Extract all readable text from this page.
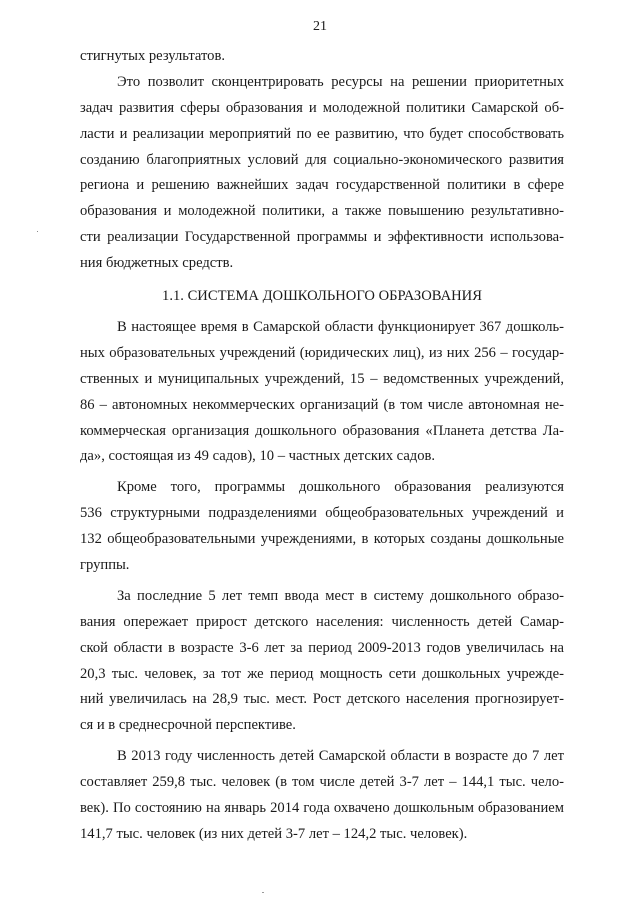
21
стигнутых результатов.
Это позволит сконцентрировать ресурсы на решении приоритетных
задач развития сферы образования и молодежной политики Самарской об-
ласти и реализации мероприятий по ее развитию, что будет способствовать
созданию благоприятных условий для социально-экономического развития
региона и решению важнейших задач государственной политики в сфере
образования и молодежной политики, а также повышению результативно-
сти реализации Государственной программы и эффективности использова-
ния бюджетных средств.
1.1. СИСТЕМА ДОШКОЛЬНОГО ОБРАЗОВАНИЯ
В настоящее время в Самарской области функционирует 367 дошколь-
ных образовательных учреждений (юридических лиц), из них 256 – государ-
ственных и муниципальных учреждений, 15 – ведомственных учреждений,
86 – автономных некоммерческих организаций (в том числе автономная не-
коммерческая организация дошкольного образования «Планета детства Ла-
да», состоящая из 49 садов), 10 – частных детских садов.
Кроме того, программы дошкольного образования реализуются
536 структурными подразделениями общеобразовательных учреждений и
132 общеобразовательными учреждениями, в которых созданы дошкольные
группы.
За последние 5 лет темп ввода мест в систему дошкольного образо-
вания опережает прирост детского населения: численность детей Самар-
ской области в возрасте 3-6 лет за период 2009-2013 годов увеличилась на
20,3 тыс. человек, за тот же период мощность сети дошкольных учрежде-
ний увеличилась на 28,9 тыс. мест. Рост детского населения прогнозирует-
ся и в среднесрочной перспективе.
В 2013 году численность детей Самарской области в возрасте до 7 лет
составляет 259,8 тыс. человек (в том числе детей 3-7 лет – 144,1 тыс. чело-
век). По состоянию на январь 2014 года охвачено дошкольным образованием
141,7 тыс. человек (из них детей 3-7 лет – 124,2 тыс. человек).
